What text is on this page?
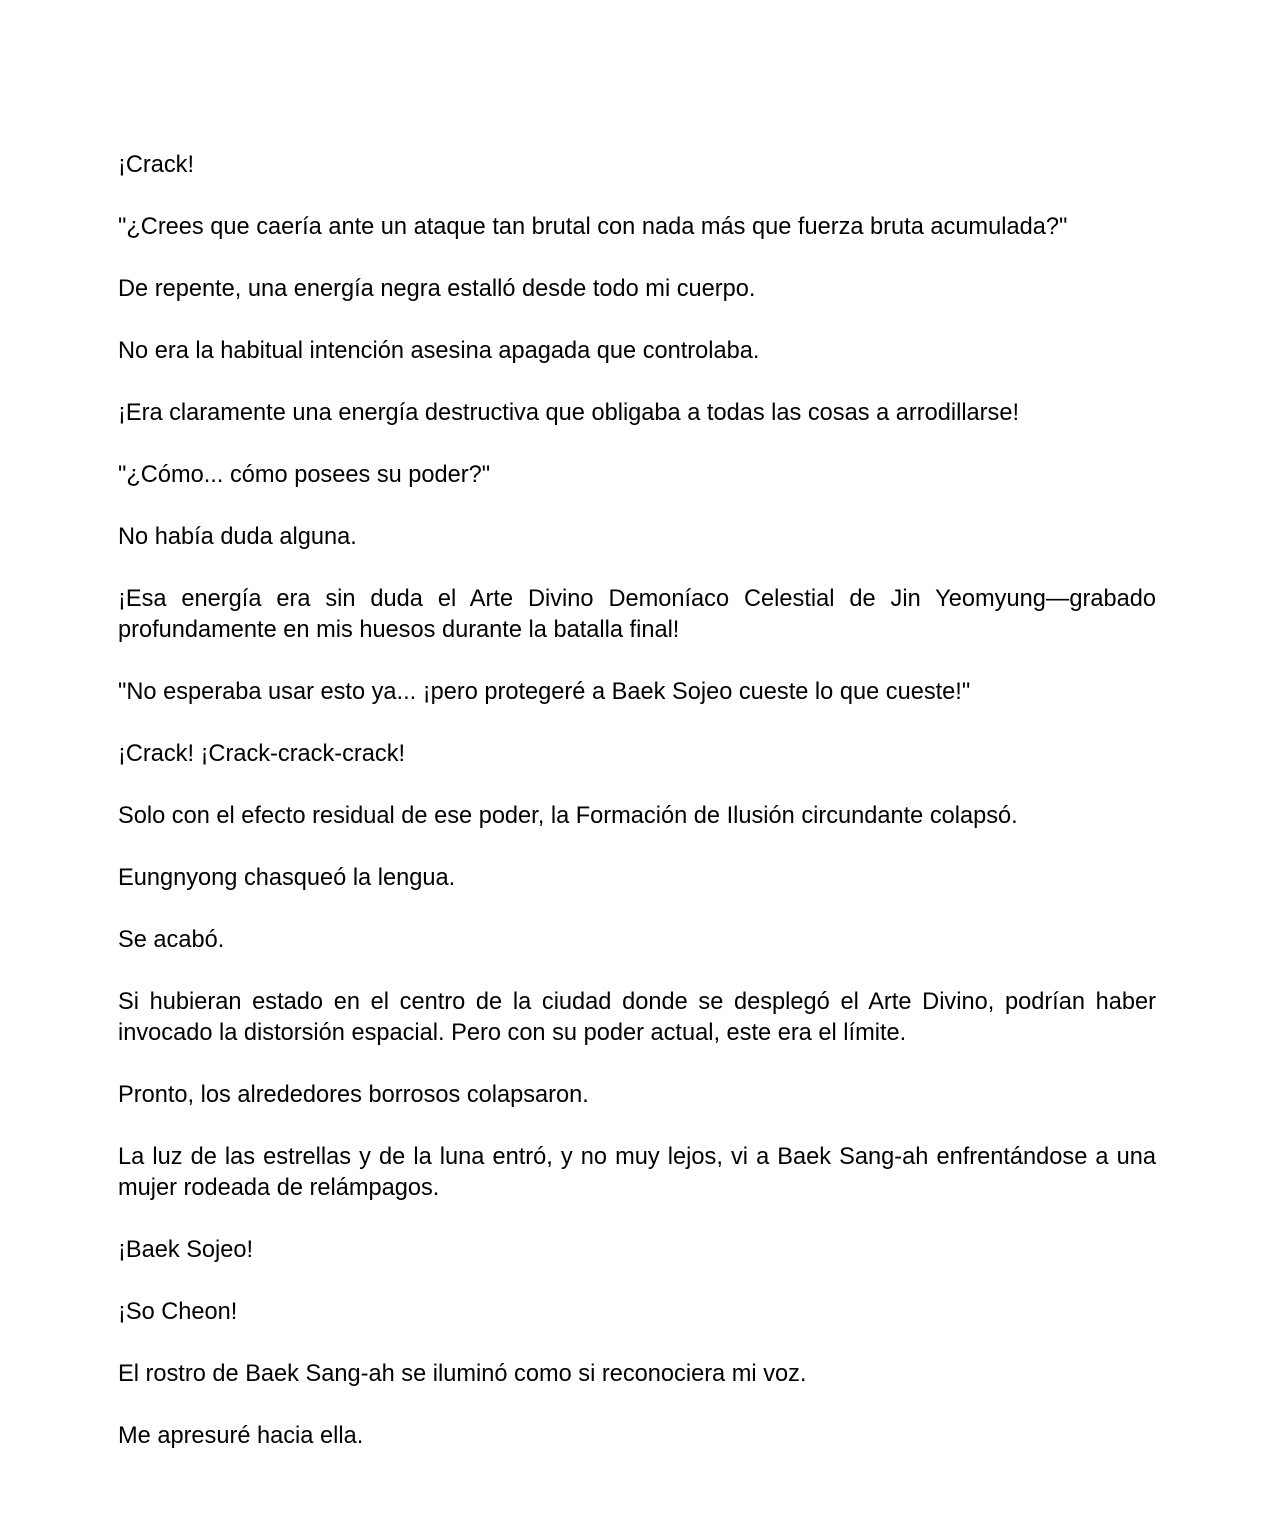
¡Crack!

"¿Crees que caería ante un ataque tan brutal con nada más que fuerza bruta acumulada?"

De repente, una energía negra estalló desde todo mi cuerpo.

No era la habitual intención asesina apagada que controlaba.

¡Era claramente una energía destructiva que obligaba a todas las cosas a arrodillarse!

"¿Cómo... cómo posees su poder?"

No había duda alguna.

¡Esa energía era sin duda el Arte Divino Demoníaco Celestial de Jin Yeomyung—grabado profundamente en mis huesos durante la batalla final!

"No esperaba usar esto ya... ¡pero protegeré a Baek Sojeo cueste lo que cueste!"

¡Crack! ¡Crack-crack-crack!

Solo con el efecto residual de ese poder, la Formación de Ilusión circundante colapsó.

Eungnyong chasqueó la lengua.

Se acabó.

Si hubieran estado en el centro de la ciudad donde se desplegó el Arte Divino, podrían haber invocado la distorsión espacial. Pero con su poder actual, este era el límite.

Pronto, los alrededores borrosos colapsaron.

La luz de las estrellas y de la luna entró, y no muy lejos, vi a Baek Sang-ah enfrentándose a una mujer rodeada de relámpagos.

¡Baek Sojeo!

¡So Cheon!

El rostro de Baek Sang-ah se iluminó como si reconociera mi voz.

Me apresuré hacia ella.
